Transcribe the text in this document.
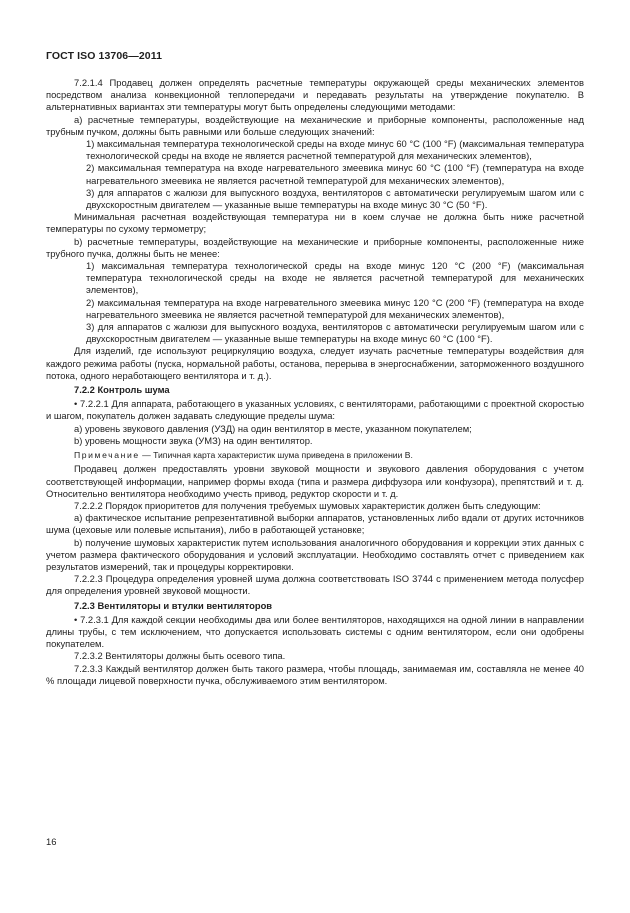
ГОСТ ISO 13706—2011

7.2.1.4 Продавец должен определять расчетные температуры окружающей среды механических элементов посредством анализа конвекционной теплопередачи и передавать результаты на утверждение покупателю. В альтернативных вариантах эти температуры могут быть определены следующими методами:

a) расчетные температуры, воздействующие на механические и приборные компоненты, расположенные над трубным пучком, должны быть равными или больше следующих значений:

1) максимальная температура технологической среды на входе минус 60 °C (100 °F) (максимальная температура технологической среды на входе не является расчетной температурой для механических элементов),

2) максимальная температура на входе нагревательного змеевика минус 60 °C (100 °F) (температура на входе нагревательного змеевика не является расчетной температурой для механических элементов),

3) для аппаратов с жалюзи для выпускного воздуха, вентиляторов с автоматически регулируемым шагом или с двухскоростным двигателем — указанные выше температуры на входе минус 30 °C (50 °F).

Минимальная расчетная воздействующая температура ни в коем случае не должна быть ниже расчетной температуры по сухому термометру;

b) расчетные температуры, воздействующие на механические и приборные компоненты, расположенные ниже трубного пучка, должны быть не менее:

1) максимальная температура технологической среды на входе минус 120 °C (200 °F) (максимальная температура технологической среды на входе не является расчетной температурой для механических элементов),

2) максимальная температура на входе нагревательного змеевика минус 120 °C (200 °F) (температура на входе нагревательного змеевика не является расчетной температурой для механических элементов),

3) для аппаратов с жалюзи для выпускного воздуха, вентиляторов с автоматически регулируемым шагом или с двухскоростным двигателем — указанные выше температуры на входе минус 60 °C (100 °F).

Для изделий, где используют рециркуляцию воздуха, следует изучать расчетные температуры воздействия для каждого режима работы (пуска, нормальной работы, останова, перерыва в энергоснабжении, заторможенного воздушного потока, одного неработающего вентилятора и т. д.).

7.2.2 Контроль шума

• 7.2.2.1 Для аппарата, работающего в указанных условиях, с вентиляторами, работающими с проектной скоростью и шагом, покупатель должен задавать следующие пределы шума:

a) уровень звукового давления (УЗД) на один вентилятор в месте, указанном покупателем;

b) уровень мощности звука (УМЗ) на один вентилятор.

Примечание — Типичная карта характеристик шума приведена в приложении B.

Продавец должен предоставлять уровни звуковой мощности и звукового давления оборудования с учетом соответствующей информации, например формы входа (типа и размера диффузора или конфузора), препятствий и т. д. Относительно вентилятора необходимо учесть привод, редуктор скорости и т. д.

7.2.2.2 Порядок приоритетов для получения требуемых шумовых характеристик должен быть следующим:

a) фактическое испытание репрезентативной выборки аппаратов, установленных либо вдали от других источников шума (цеховые или полевые испытания), либо в работающей установке;

b) получение шумовых характеристик путем использования аналогичного оборудования и коррекции этих данных с учетом размера фактического оборудования и условий эксплуатации. Необходимо составлять отчет с приведением как результатов измерений, так и процедуры корректировки.

7.2.2.3 Процедура определения уровней шума должна соответствовать ISO 3744 с применением метода полусфер для определения уровней звуковой мощности.

7.2.3 Вентиляторы и втулки вентиляторов

• 7.2.3.1 Для каждой секции необходимы два или более вентиляторов, находящихся на одной линии в направлении длины трубы, с тем исключением, что допускается использовать системы с одним вентилятором, если они одобрены покупателем.

7.2.3.2 Вентиляторы должны быть осевого типа.

7.2.3.3 Каждый вентилятор должен быть такого размера, чтобы площадь, занимаемая им, составляла не менее 40 % площади лицевой поверхности пучка, обслуживаемого этим вентилятором.

16
